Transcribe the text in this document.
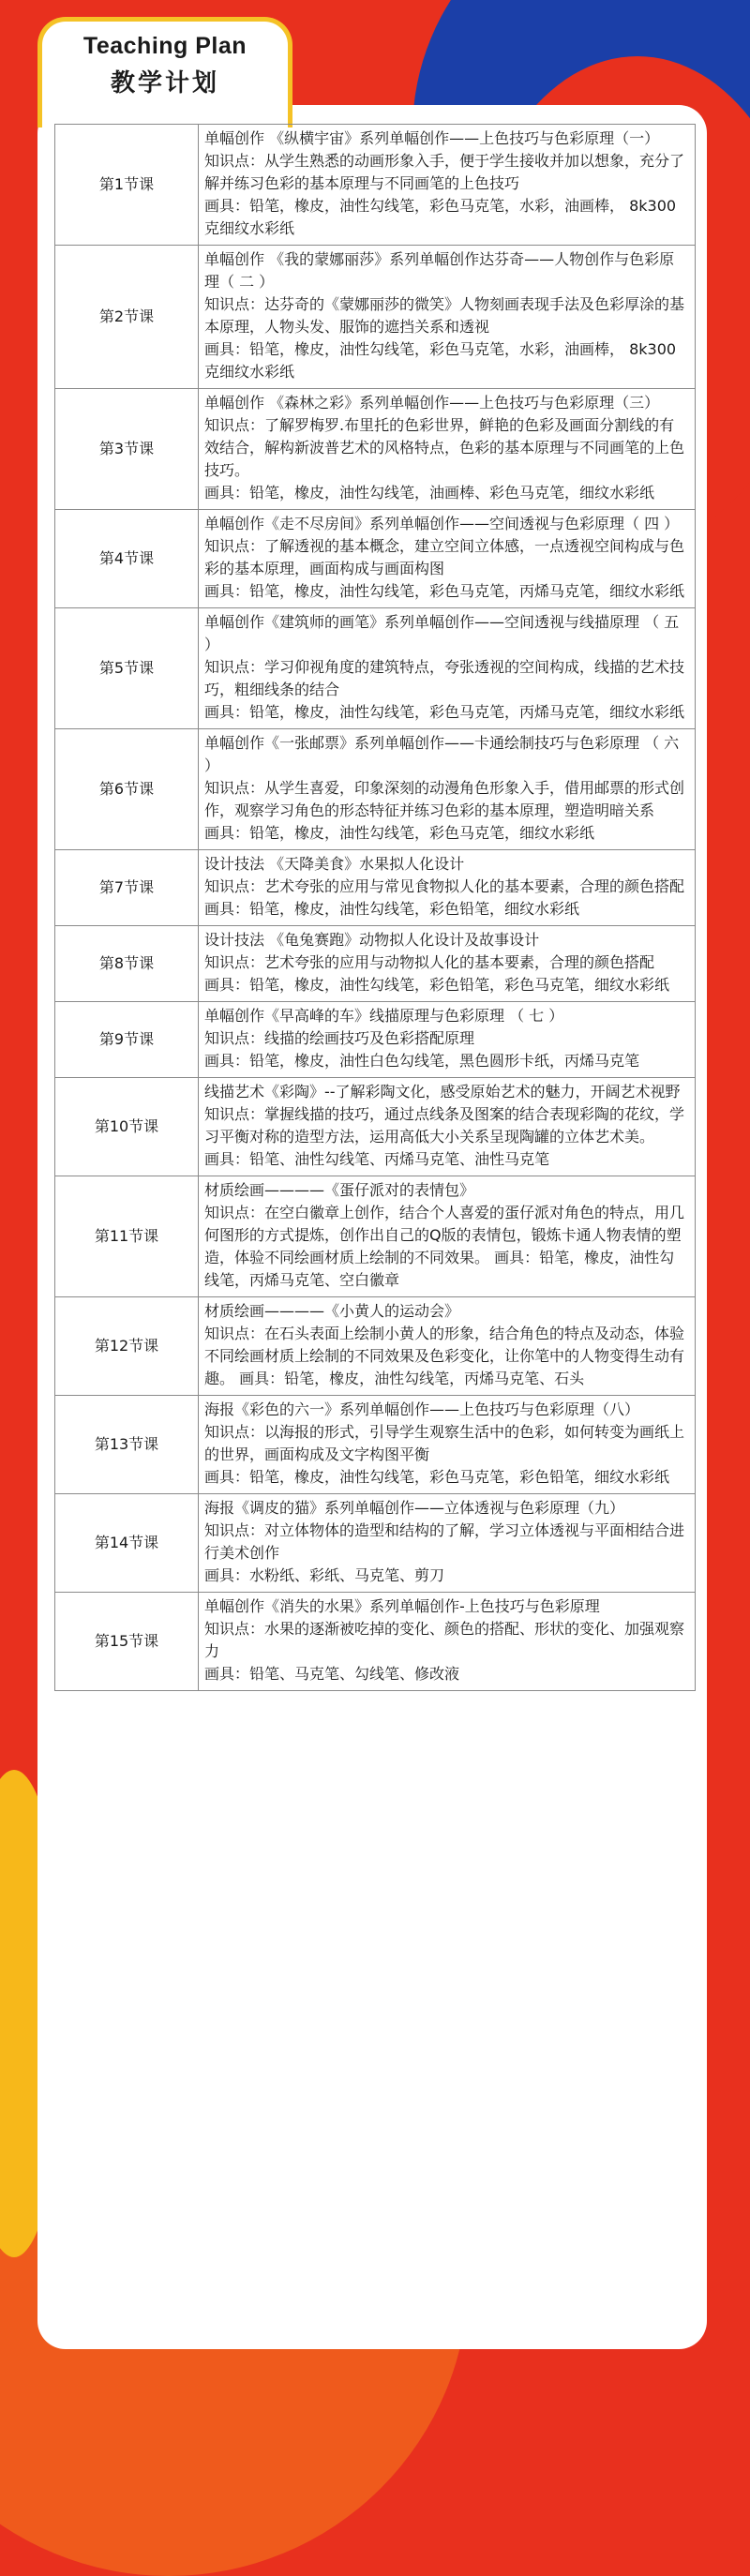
Teaching Plan
教学计划
第1节课	单幅创作 《纵横宇宙》系列单幅创作——上色技巧与色彩原理（一）
知识点：从学生熟悉的动画形象入手，便于学生接收并加以想象，充分了解并练习色彩的基本原理与不同画笔的上色技巧
画具：铅笔，橡皮，油性勾线笔，彩色马克笔，水彩，油画棒， 8k300克细纹水彩纸

第2节课	单幅创作 《我的蒙娜丽莎》系列单幅创作达芬奇——人物创作与色彩原理（ 二 ）
知识点：达芬奇的《蒙娜丽莎的微笑》人物刻画表现手法及色彩厚涂的基本原理，人物头发、服饰的遮挡关系和透视
画具：铅笔，橡皮，油性勾线笔，彩色马克笔，水彩，油画棒， 8k300克细纹水彩纸

第3节课	单幅创作 《森林之彩》系列单幅创作——上色技巧与色彩原理（三）
知识点：了解罗梅罗.布里托的色彩世界，鲜艳的色彩及画面分割线的有效结合，解构新波普艺术的风格特点，色彩的基本原理与不同画笔的上色技巧。
画具：铅笔，橡皮，油性勾线笔，油画棒、彩色马克笔，细纹水彩纸

第4节课	单幅创作《走不尽房间》系列单幅创作——空间透视与色彩原理（ 四 ）
知识点：了解透视的基本概念，建立空间立体感，一点透视空间构成与色彩的基本原理，画面构成与画面构图
画具：铅笔，橡皮，油性勾线笔，彩色马克笔，丙烯马克笔，细纹水彩纸

第5节课	单幅创作《建筑师的画笔》系列单幅创作——空间透视与线描原理 （ 五 ）
知识点：学习仰视角度的建筑特点，夸张透视的空间构成，线描的艺术技巧，粗细线条的结合
画具：铅笔，橡皮，油性勾线笔，彩色马克笔，丙烯马克笔，细纹水彩纸

第6节课	单幅创作《一张邮票》系列单幅创作——卡通绘制技巧与色彩原理 （ 六 ）
知识点：从学生喜爱，印象深刻的动漫角色形象入手，借用邮票的形式创作，观察学习角色的形态特征并练习色彩的基本原理，塑造明暗关系
画具：铅笔，橡皮，油性勾线笔，彩色马克笔，细纹水彩纸

第7节课	设计技法 《天降美食》水果拟人化设计
知识点：艺术夸张的应用与常见食物拟人化的基本要素，合理的颜色搭配
画具：铅笔，橡皮，油性勾线笔，彩色铅笔，细纹水彩纸

第8节课	设计技法 《龟兔赛跑》动物拟人化设计及故事设计
知识点：艺术夸张的应用与动物拟人化的基本要素，合理的颜色搭配
画具：铅笔，橡皮，油性勾线笔，彩色铅笔，彩色马克笔，细纹水彩纸

第9节课	单幅创作《早高峰的车》线描原理与色彩原理 （ 七 ）
知识点：线描的绘画技巧及色彩搭配原理
画具：铅笔，橡皮，油性白色勾线笔，黑色圆形卡纸，丙烯马克笔

第10节课	线描艺术《彩陶》--了解彩陶文化，感受原始艺术的魅力，开阔艺术视野
知识点：掌握线描的技巧，通过点线条及图案的结合表现彩陶的花纹，学习平衡对称的造型方法，运用高低大小关系呈现陶罐的立体艺术美。
画具：铅笔、油性勾线笔、丙烯马克笔、油性马克笔

第11节课	材质绘画————《蛋仔派对的表情包》
知识点：在空白徽章上创作，结合个人喜爱的蛋仔派对角色的特点，用几何图形的方式提炼，创作出自己的Q版的表情包，锻炼卡通人物表情的塑造，体验不同绘画材质上绘制的不同效果。 画具：铅笔，橡皮，油性勾线笔，丙烯马克笔、空白徽章

第12节课	材质绘画————《小黄人的运动会》
知识点：在石头表面上绘制小黄人的形象，结合角色的特点及动态，体验不同绘画材质上绘制的不同效果及色彩变化，让你笔中的人物变得生动有趣。 画具：铅笔，橡皮，油性勾线笔，丙烯马克笔、石头

第13节课	海报《彩色的六一》系列单幅创作——上色技巧与色彩原理（八）
知识点：以海报的形式，引导学生观察生活中的色彩，如何转变为画纸上的世界，画面构成及文字构图平衡
画具：铅笔，橡皮，油性勾线笔，彩色马克笔，彩色铅笔，细纹水彩纸

第14节课	海报《调皮的猫》系列单幅创作——立体透视与色彩原理（九）
知识点：对立体物体的造型和结构的了解，学习立体透视与平面相结合进行美术创作
画具：水粉纸、彩纸、马克笔、剪刀

第15节课	单幅创作《消失的水果》系列单幅创作-上色技巧与色彩原理
知识点：水果的逐渐被吃掉的变化、颜色的搭配、形状的变化、加强观察力
画具：铅笔、马克笔、勾线笔、修改液
